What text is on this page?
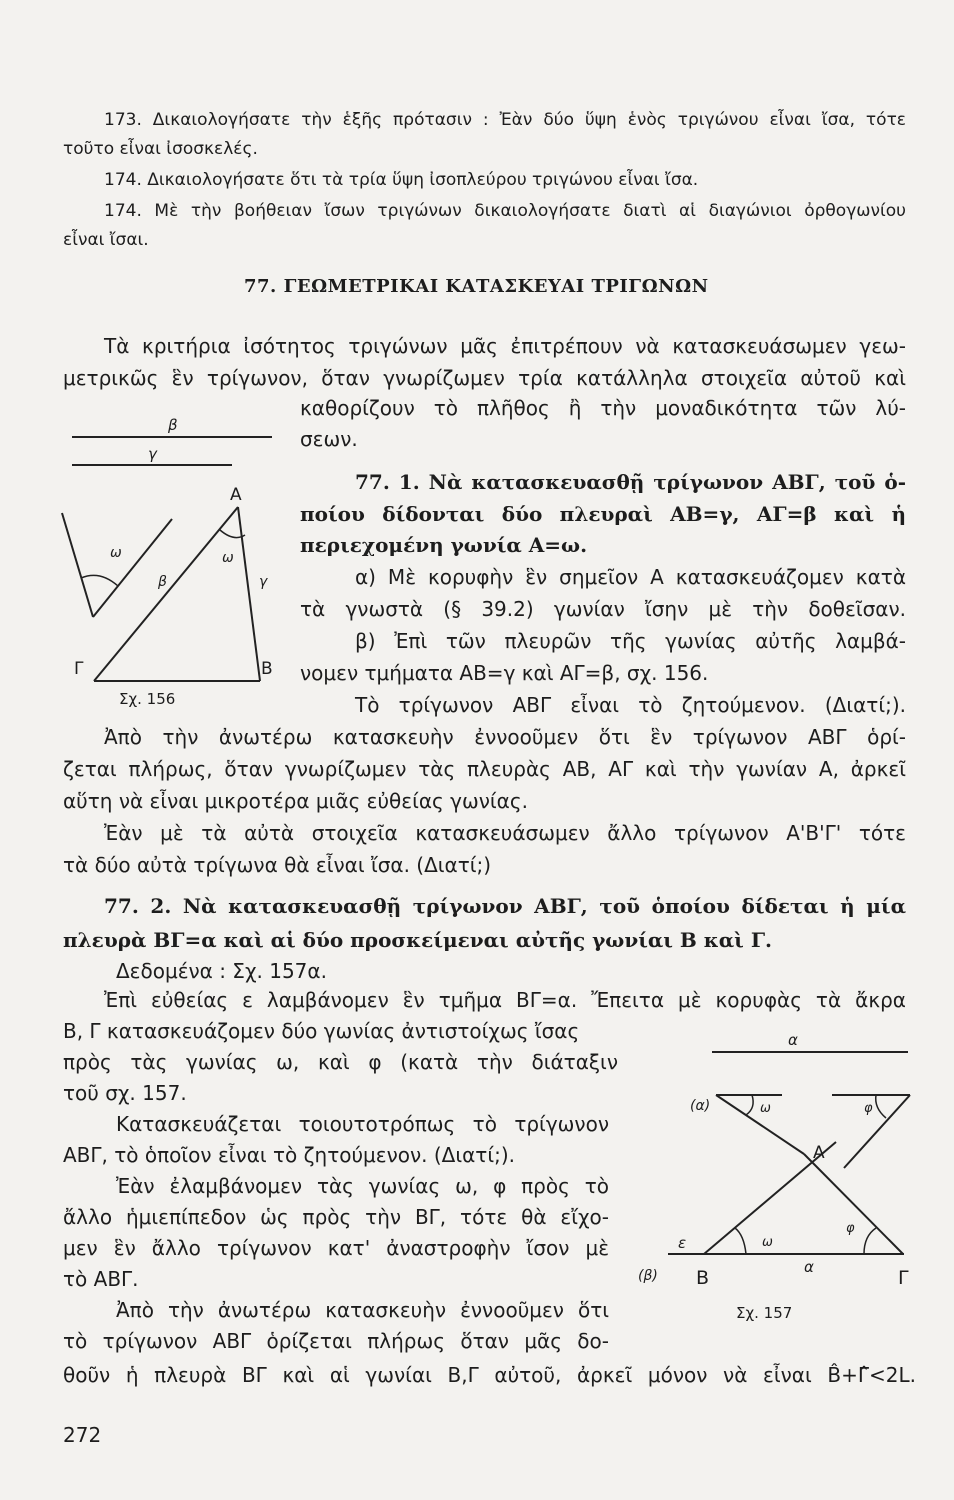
173. Δικαιολογήσατε τὴν ἑξῆς πρότασιν : Ἐὰν δύο ὕψη ἑνὸς τριγώνου εἶναι ἴσα, τότε
τοῦτο εἶναι ἰσοσκελές.
174. Δικαιολογήσατε ὅτι τὰ τρία ὕψη ἰσοπλεύρου τριγώνου εἶναι ἴσα.
174. Μὲ τὴν βοήθειαν ἴσων τριγώνων δικαιολογήσατε διατὶ αἱ διαγώνιοι ὀρθογωνίου
εἶναι ἴσαι.
77. ΓΕΩΜΕΤΡΙΚΑΙ ΚΑΤΑΣΚΕΥΑΙ ΤΡΙΓΩΝΩΝ
Τὰ κριτήρια ἰσότητος τριγώνων μᾶς ἐπιτρέπουν νὰ κατασκευάσωμεν γεω-
μετρικῶς ἓν τρίγωνον, ὅταν γνωρίζωμεν τρία κατάλληλα στοιχεῖα αὐτοῦ καὶ
καθορίζουν τὸ πλῆθος ἢ τὴν μοναδικότητα τῶν λύ-
σεων.
β
γ
ω
Α
ω
β	γ
Γ	Β
Σχ. 156
77. 1. Νὰ κατασκευασθῇ τρίγωνον ΑΒΓ, τοῦ ὁ-
ποίου δίδονται δύο πλευραὶ ΑΒ=γ, ΑΓ=β καὶ ἡ
περιεχομένη γωνία Α=ω.
α) Μὲ κορυφὴν ἓν σημεῖον Α κατασκευάζομεν κατὰ
τὰ γνωστὰ (§ 39.2) γωνίαν ἴσην μὲ τὴν δοθεῖσαν.
β) Ἐπὶ τῶν πλευρῶν τῆς γωνίας αὐτῆς λαμβά-
νομεν τμήματα ΑΒ=γ καὶ ΑΓ=β, σχ. 156.
Τὸ τρίγωνον ΑΒΓ εἶναι τὸ ζητούμενον. (Διατί;).
Ἀπὸ τὴν ἀνωτέρω κατασκευὴν ἐννοοῦμεν ὅτι ἓν τρίγωνον ΑΒΓ ὁρί-
ζεται πλήρως, ὅταν γνωρίζωμεν τὰς πλευρὰς ΑΒ, ΑΓ καὶ τὴν γωνίαν Α, ἀρκεῖ
αὕτη νὰ εἶναι μικροτέρα μιᾶς εὐθείας γωνίας.
Ἐὰν μὲ τὰ αὐτὰ στοιχεῖα κατασκευάσωμεν ἄλλο τρίγωνον Α'Β'Γ' τότε
τὰ δύο αὐτὰ τρίγωνα θὰ εἶναι ἴσα. (Διατί;)
77. 2. Νὰ κατασκευασθῇ τρίγωνον ΑΒΓ, τοῦ ὁποίου δίδεται ἡ μία
πλευρὰ ΒΓ=α καὶ αἱ δύο προσκείμεναι αὐτῆς γωνίαι Β καὶ Γ.
Δεδομένα : Σχ. 157α.
Ἐπὶ εὐθείας ε λαμβάνομεν ἓν τμῆμα ΒΓ=α. Ἔπειτα μὲ κορυφὰς τὰ ἄκρα
Β, Γ κατασκευάζομεν δύο γωνίας ἀντιστοίχως ἴσας
πρὸς τὰς γωνίας ω, καὶ φ (κατὰ τὴν διάταξιν
τοῦ σχ. 157.
Κατασκευάζεται τοιουτοτρόπως τὸ τρίγωνον
ΑΒΓ, τὸ ὁποῖον εἶναι τὸ ζητούμενον. (Διατί;).
Ἐὰν ἐλαμβάνομεν τὰς γωνίας ω, φ πρὸς τὸ
ἄλλο ἡμιεπίπεδον ὡς πρὸς τὴν ΒΓ, τότε θὰ εἴχο-
μεν ἓν ἄλλο τρίγωνον κατ' ἀναστροφὴν ἴσον μὲ
τὸ ΑΒΓ.
Ἀπὸ τὴν ἀνωτέρω κατασκευὴν ἐννοοῦμεν ὅτι
τὸ τρίγωνον ΑΒΓ ὁρίζεται πλήρως ὅταν μᾶς δο-
θοῦν ἡ πλευρὰ ΒΓ καὶ αἱ γωνίαι Β,Γ αὐτοῦ, ἀρκεῖ μόνον νὰ εἶναι B̂+Γ̂<2L.
α
ω	φ
(α)
ω
φ
Α
ε
α
(β) Β	Γ
Σχ. 157
272
